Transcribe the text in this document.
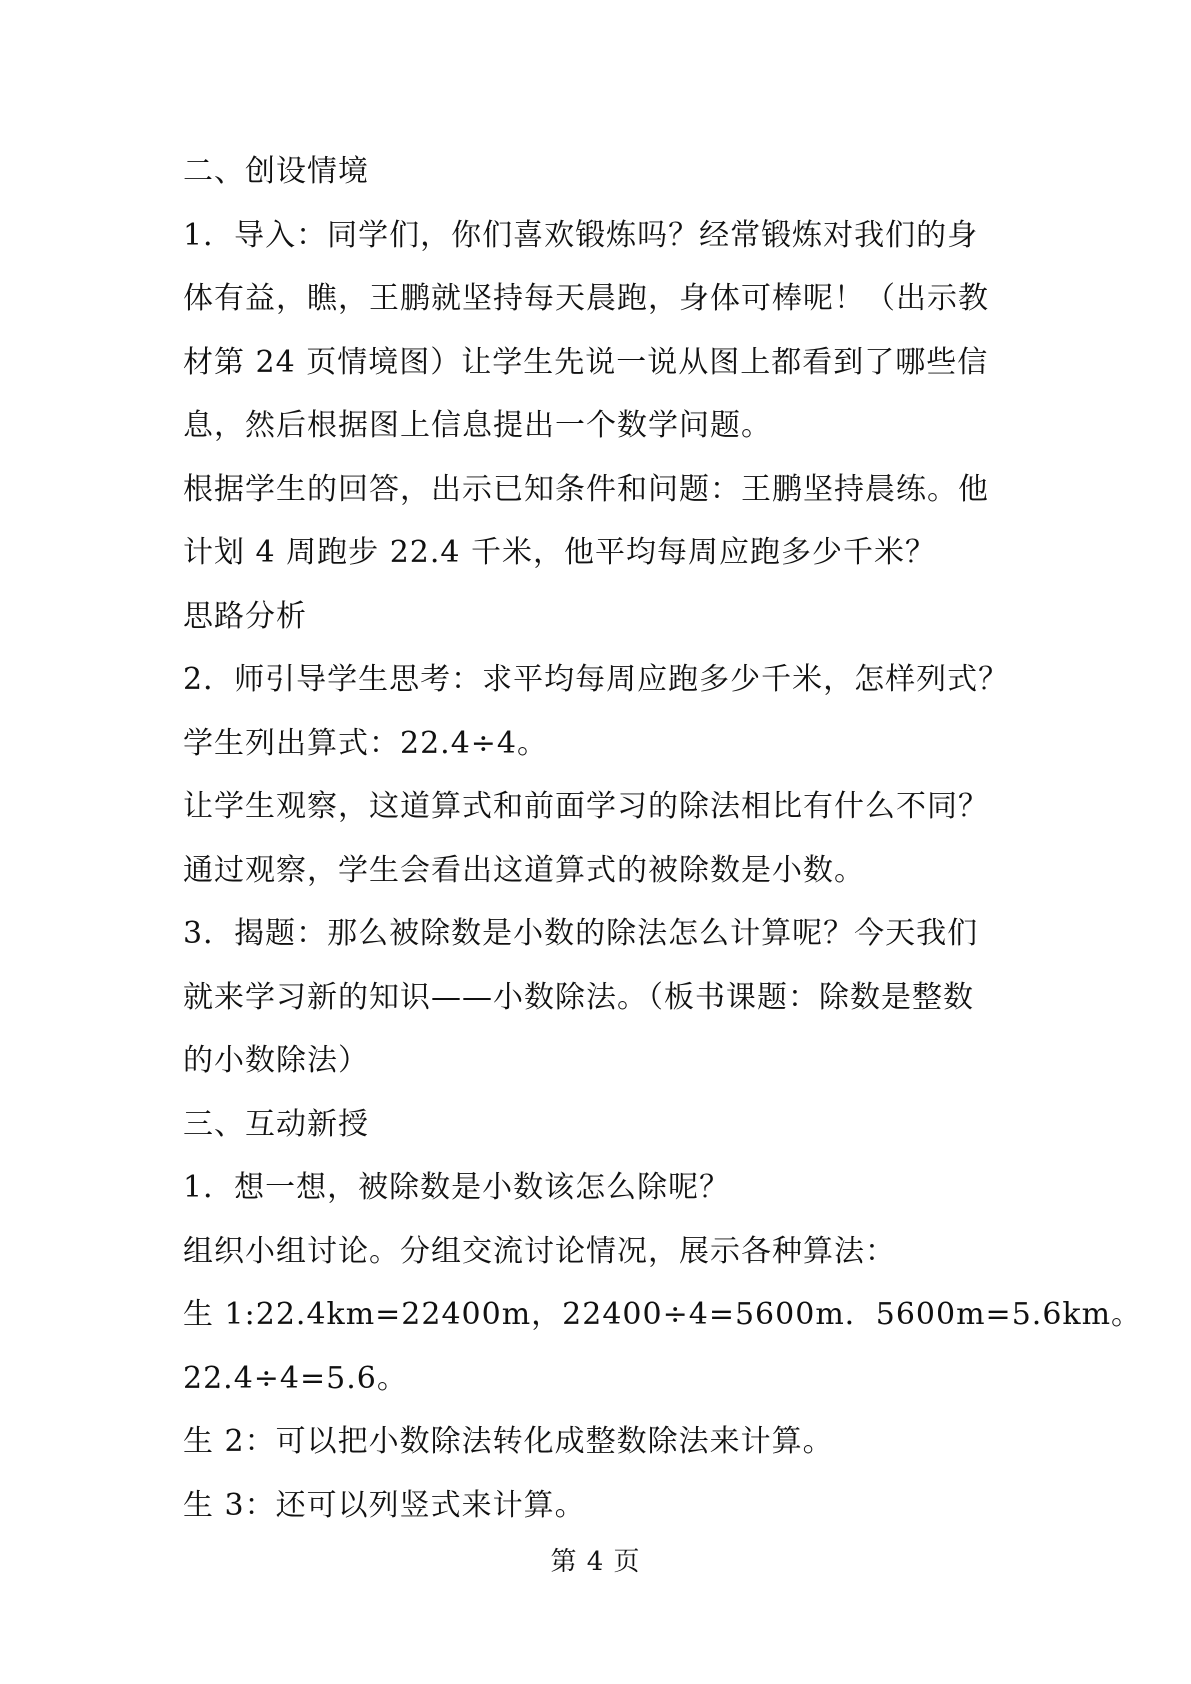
二、创设情境
1．导入：同学们，你们喜欢锻炼吗？经常锻炼对我们的身
体有益，瞧，王鹏就坚持每天晨跑，身体可棒呢！（出示教
材第 24 页情境图）让学生先说一说从图上都看到了哪些信
息，然后根据图上信息提出一个数学问题。
根据学生的回答，出示已知条件和问题：王鹏坚持晨练。他
计划 4 周跑步 22.4 千米，他平均每周应跑多少千米？
思路分析
2．师引导学生思考：求平均每周应跑多少千米，怎样列式？
学生列出算式：22.4÷4。
让学生观察，这道算式和前面学习的除法相比有什么不同？
通过观察，学生会看出这道算式的被除数是小数。
3．揭题：那么被除数是小数的除法怎么计算呢？今天我们
就来学习新的知识——小数除法。（板书课题：除数是整数
的小数除法）
三、互动新授
1．想一想，被除数是小数该怎么除呢？
组织小组讨论。分组交流讨论情况，展示各种算法：
生 1:22.4km=22400m，22400÷4=5600m．5600m=5.6km。
22.4÷4=5.6。
生 2：可以把小数除法转化成整数除法来计算。
生 3：还可以列竖式来计算。
第 4 页
